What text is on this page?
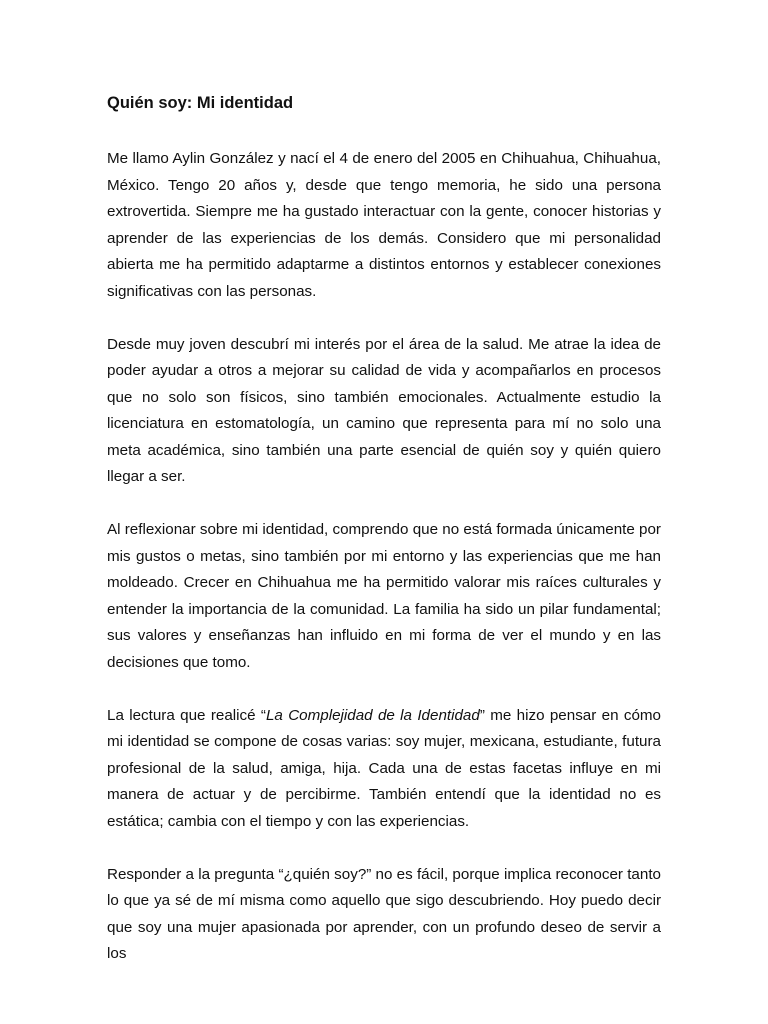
Quién soy: Mi identidad

Me llamo Aylin González y nací el 4 de enero del 2005 en Chihuahua, Chihuahua, México. Tengo 20 años y, desde que tengo memoria, he sido una persona extrovertida. Siempre me ha gustado interactuar con la gente, conocer historias y aprender de las experiencias de los demás. Considero que mi personalidad abierta me ha permitido adaptarme a distintos entornos y establecer conexiones significativas con las personas.

Desde muy joven descubrí mi interés por el área de la salud. Me atrae la idea de poder ayudar a otros a mejorar su calidad de vida y acompañarlos en procesos que no solo son físicos, sino también emocionales. Actualmente estudio la licenciatura en estomatología, un camino que representa para mí no solo una meta académica, sino también una parte esencial de quién soy y quién quiero llegar a ser.

Al reflexionar sobre mi identidad, comprendo que no está formada únicamente por mis gustos o metas, sino también por mi entorno y las experiencias que me han moldeado. Crecer en Chihuahua me ha permitido valorar mis raíces culturales y entender la importancia de la comunidad. La familia ha sido un pilar fundamental; sus valores y enseñanzas han influido en mi forma de ver el mundo y en las decisiones que tomo.

La lectura que realicé “La Complejidad de la Identidad” me hizo pensar en cómo mi identidad se compone de cosas varias: soy mujer, mexicana, estudiante, futura profesional de la salud, amiga, hija. Cada una de estas facetas influye en mi manera de actuar y de percibirme. También entendí que la identidad no es estática; cambia con el tiempo y con las experiencias.

Responder a la pregunta “¿quién soy?” no es fácil, porque implica reconocer tanto lo que ya sé de mí misma como aquello que sigo descubriendo. Hoy puedo decir que soy una mujer apasionada por aprender, con un profundo deseo de servir a los
